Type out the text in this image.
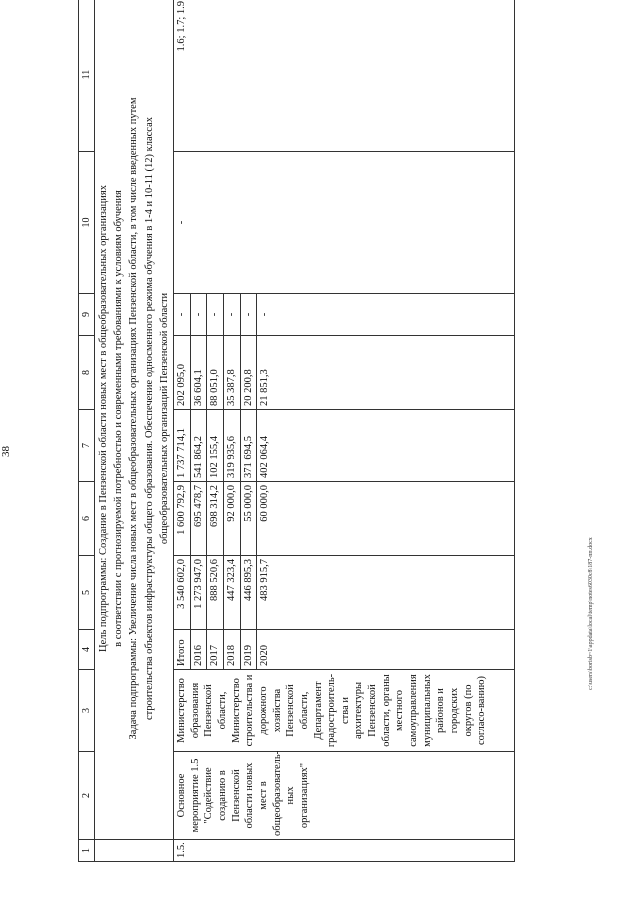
38
1	2	3	4	5	6	7	8	9	10	11

	Цель подпрограммы: Создание в Пензенской области новых мест в общеобразовательных организациях в соответствии с прогнозируемой потребностью и современными требованиями к условиям обучения Задача подпрограммы: Увеличение числа новых мест в общеобразовательных организациях Пензенской области, в том числе введенных путем строительства объектов инфраструктуры общего образования. Обеспечение односменного режима обучения в 1-4 и 10-11 (12) классах общеобразовательных организаций Пензенской области									

1.5.	Основное мероприятие 1.5 "Содействие созданию в Пензенской области новых мест в общеобразователь-ных организациях"	Министерство образования Пензенской области, Министерство строительства и дорожного хозяйства Пензенской области, Департамент градостроитель-ства и архитектуры Пензенской области, органы местного самоуправления муниципальных районов и городских округов (по согласо-ванию)	Итого	3 540 602,0	1 600 792,9	1 737 714,1	202 095,0	-	-	1.6; 1.7; 1.9
			2016	1 273 947,0	695 478,7	541 864,2	36 604,1	-		
			2017	888 520,6	698 314,2	102 155,4	88 051,0	-		
			2018	447 323,4	92 000,0	319 935,6	35 387,8	-		
			2019	446 895,3	55 000,0	371 694,5	20 200,8	-		
			2020	483 915,7	60 000,0	402 064,4	21 851,3	-		
c:\users\borisb~1\appdata\local\temp\notes6030c8\187-пп.docx
